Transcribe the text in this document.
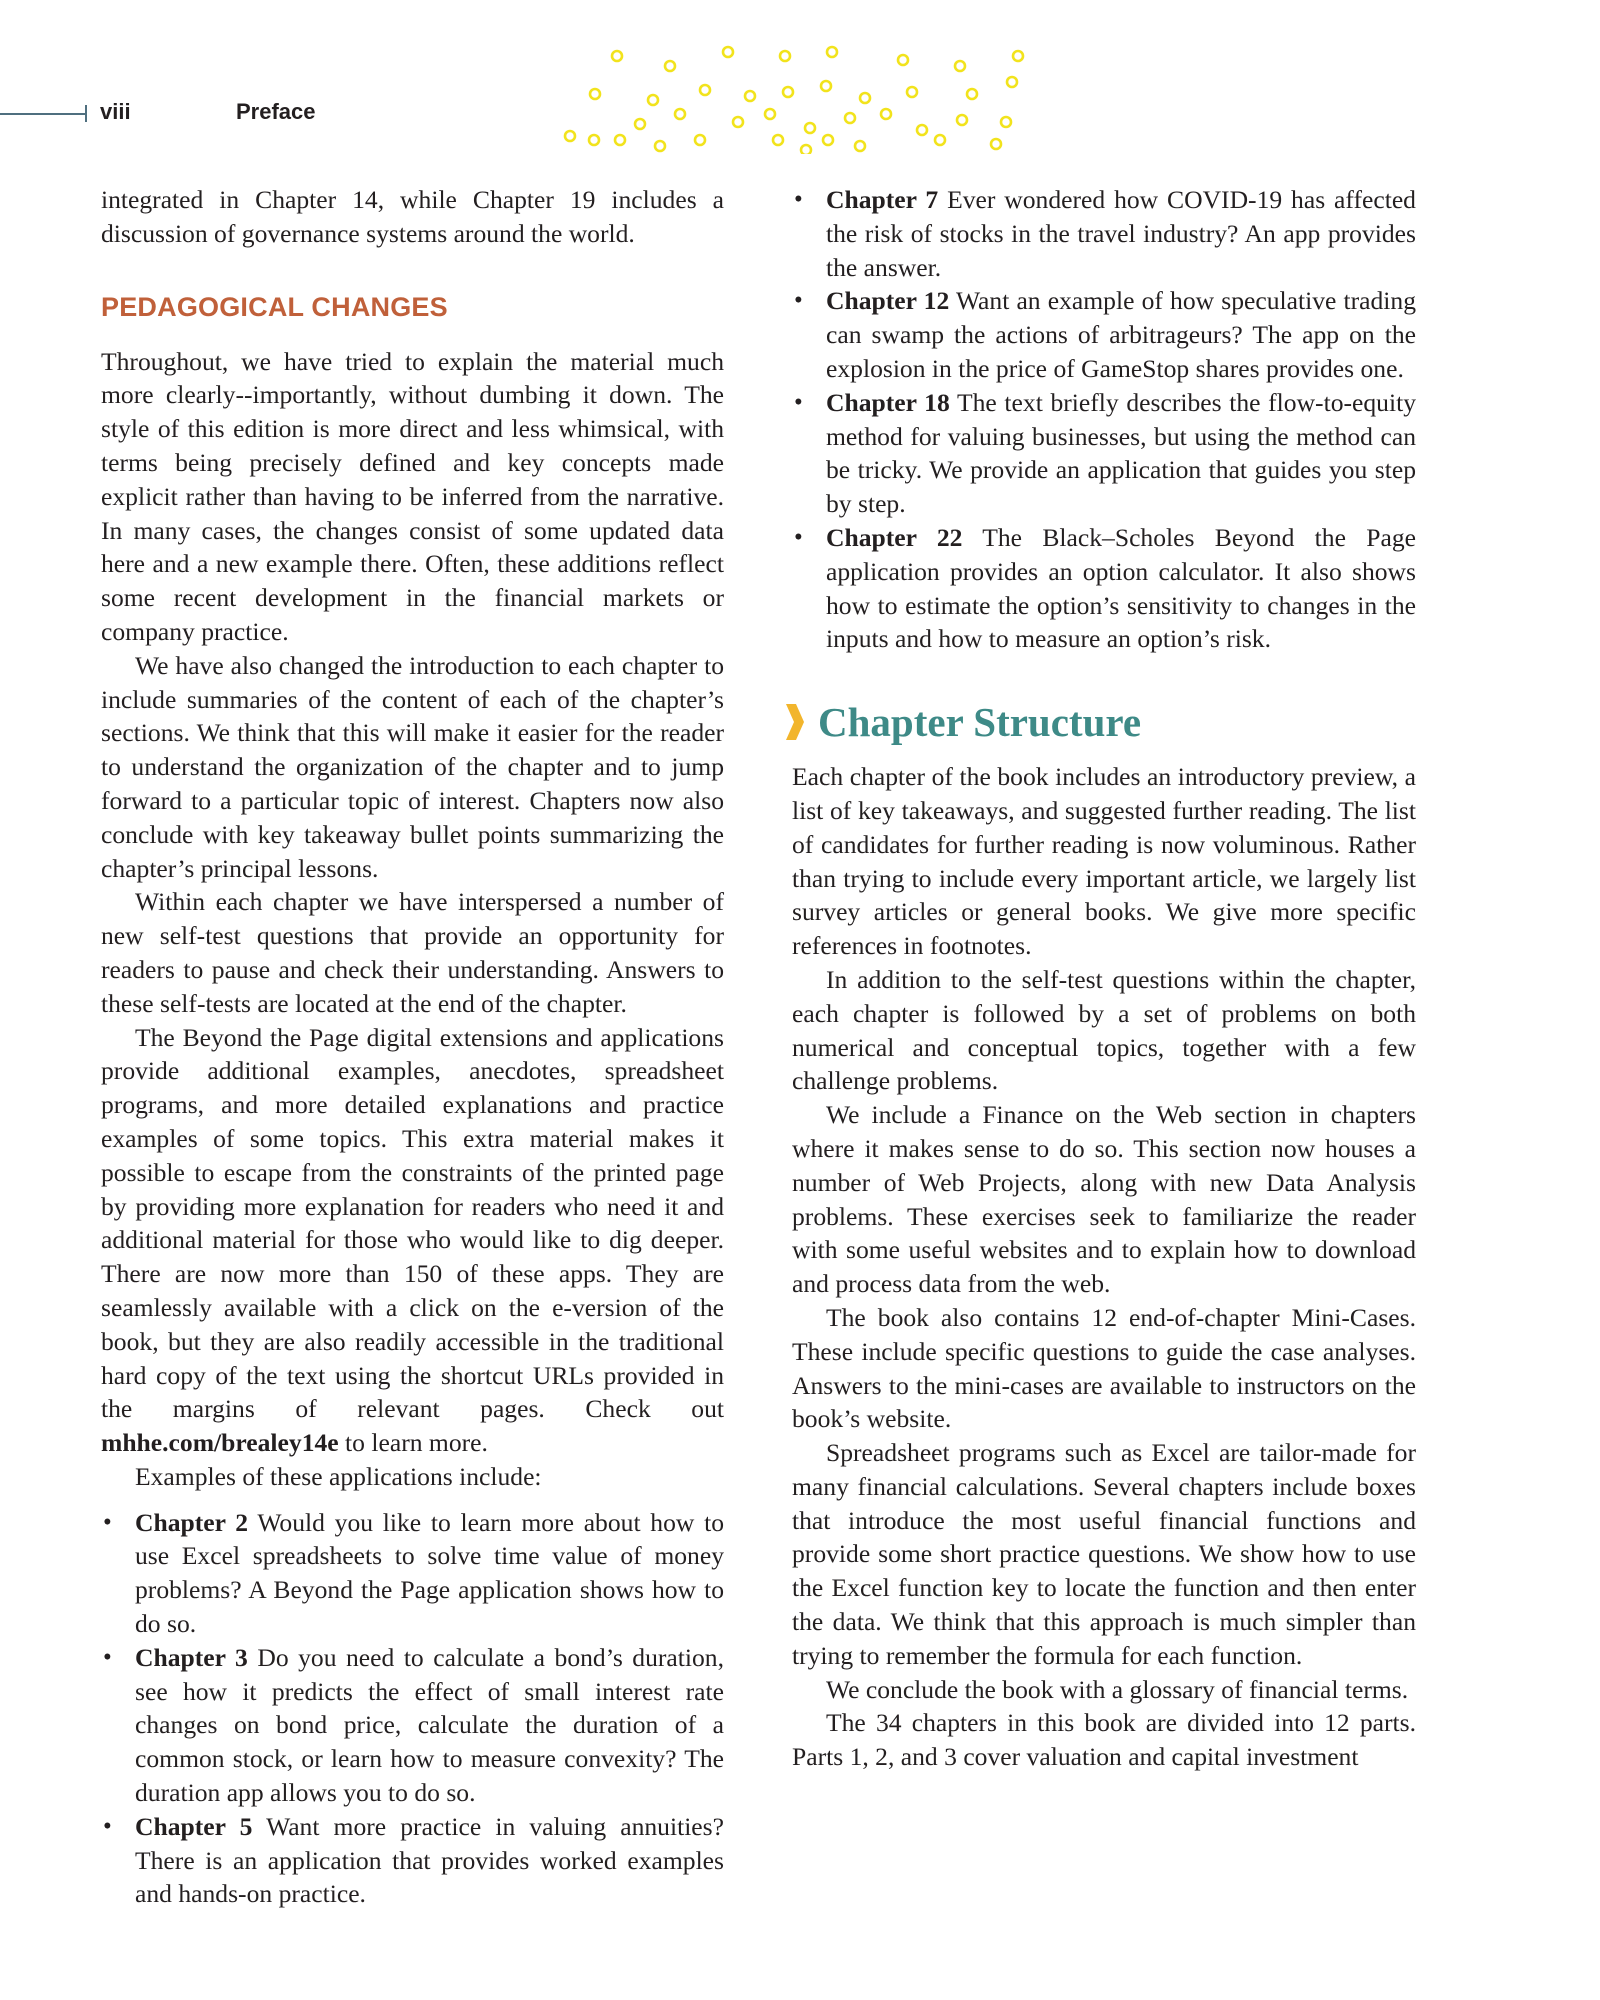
viii	Preface

integrated in Chapter 14, while Chapter 19 includes a discussion of governance systems around the world.

PEDAGOGICAL CHANGES

Throughout, we have tried to explain the material much more clearly--importantly, without dumbing it down. The style of this edition is more direct and less whimsical, with terms being precisely defined and key concepts made explicit rather than having to be inferred from the narrative. In many cases, the changes consist of some updated data here and a new example there. Often, these additions reflect some recent development in the financial markets or company practice.

We have also changed the introduction to each chapter to include summaries of the content of each of the chapter’s sections. We think that this will make it easier for the reader to understand the organization of the chapter and to jump forward to a particular topic of interest. Chapters now also conclude with key takeaway bullet points summarizing the chapter’s principal lessons.

Within each chapter we have interspersed a number of new self-test questions that provide an opportunity for readers to pause and check their understanding. Answers to these self-tests are located at the end of the chapter.

The Beyond the Page digital extensions and applications provide additional examples, anecdotes, spreadsheet programs, and more detailed explanations and practice examples of some topics. This extra material makes it possible to escape from the constraints of the printed page by providing more explanation for readers who need it and additional material for those who would like to dig deeper. There are now more than 150 of these apps. They are seamlessly available with a click on the e-version of the book, but they are also readily accessible in the traditional hard copy of the text using the shortcut URLs provided in the margins of relevant pages. Check out mhhe.com/brealey14e to learn more.

Examples of these applications include:

• Chapter 2 Would you like to learn more about how to use Excel spreadsheets to solve time value of money problems? A Beyond the Page application shows how to do so.
• Chapter 3 Do you need to calculate a bond’s duration, see how it predicts the effect of small interest rate changes on bond price, calculate the duration of a common stock, or learn how to measure convexity? The duration app allows you to do so.
• Chapter 5 Want more practice in valuing annuities? There is an application that provides worked examples and hands-on practice.
• Chapter 7 Ever wondered how COVID-19 has affected the risk of stocks in the travel industry? An app provides the answer.
• Chapter 12 Want an example of how speculative trading can swamp the actions of arbitrageurs? The app on the explosion in the price of GameStop shares provides one.
• Chapter 18 The text briefly describes the flow-to-equity method for valuing businesses, but using the method can be tricky. We provide an application that guides you step by step.
• Chapter 22 The Black–Scholes Beyond the Page application provides an option calculator. It also shows how to estimate the option’s sensitivity to changes in the inputs and how to measure an option’s risk.
Chapter Structure

Each chapter of the book includes an introductory preview, a list of key takeaways, and suggested further reading. The list of candidates for further reading is now voluminous. Rather than trying to include every important article, we largely list survey articles or general books. We give more specific references in footnotes.

In addition to the self-test questions within the chapter, each chapter is followed by a set of problems on both numerical and conceptual topics, together with a few challenge problems.

We include a Finance on the Web section in chapters where it makes sense to do so. This section now houses a number of Web Projects, along with new Data Analysis problems. These exercises seek to familiarize the reader with some useful websites and to explain how to download and process data from the web.

The book also contains 12 end-of-chapter Mini-Cases. These include specific questions to guide the case analyses. Answers to the mini-cases are available to instructors on the book’s website.

Spreadsheet programs such as Excel are tailor-made for many financial calculations. Several chapters include boxes that introduce the most useful financial functions and provide some short practice questions. We show how to use the Excel function key to locate the function and then enter the data. We think that this approach is much simpler than trying to remember the formula for each function.

We conclude the book with a glossary of financial terms.

The 34 chapters in this book are divided into 12 parts. Parts 1, 2, and 3 cover valuation and capital investment
